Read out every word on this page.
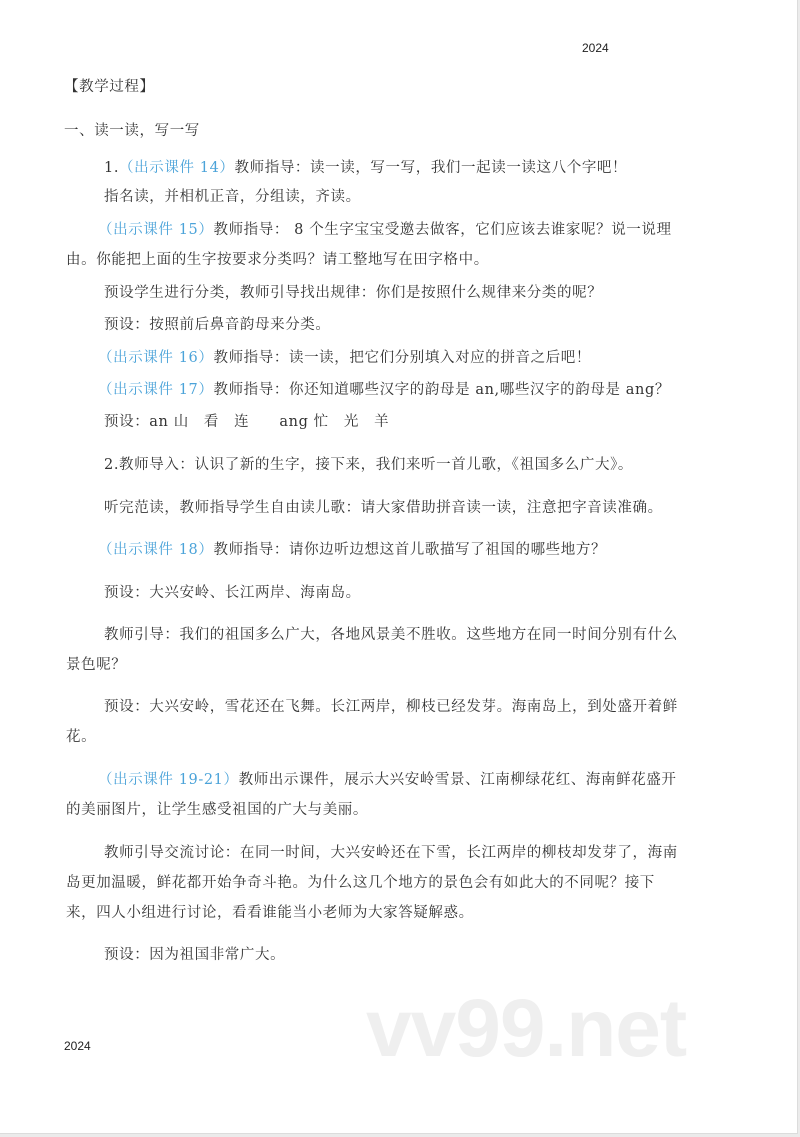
2024
【教学过程】
一、读一读，写一写
1.（出示课件 14）教师指导：读一读，写一写，我们一起读一读这八个字吧！
指名读，并相机正音，分组读，齐读。
（出示课件 15）教师指导： 8 个生字宝宝受邀去做客，它们应该去谁家呢？说一说理
由。你能把上面的生字按要求分类吗？请工整地写在田字格中。
预设学生进行分类，教师引导找出规律：你们是按照什么规律来分类的呢？
预设：按照前后鼻音韵母来分类。
（出示课件 16）教师指导：读一读，把它们分别填入对应的拼音之后吧！
（出示课件 17）教师指导：你还知道哪些汉字的韵母是 an,哪些汉字的韵母是 ang？
预设：an 山　看　连　　ang 忙　光　羊
2.教师导入：认识了新的生字，接下来，我们来听一首儿歌，《祖国多么广大》。
听完范读，教师指导学生自由读儿歌：请大家借助拼音读一读，注意把字音读准确。
（出示课件 18）教师指导：请你边听边想这首儿歌描写了祖国的哪些地方？
预设：大兴安岭、长江两岸、海南岛。
教师引导：我们的祖国多么广大，各地风景美不胜收。这些地方在同一时间分别有什么
景色呢？
预设：大兴安岭，雪花还在飞舞。长江两岸，柳枝已经发芽。海南岛上，到处盛开着鲜
花。
（出示课件 19-21）教师出示课件，展示大兴安岭雪景、江南柳绿花红、海南鲜花盛开
的美丽图片，让学生感受祖国的广大与美丽。
教师引导交流讨论：在同一时间，大兴安岭还在下雪，长江两岸的柳枝却发芽了，海南
岛更加温暖，鲜花都开始争奇斗艳。为什么这几个地方的景色会有如此大的不同呢？接下
来，四人小组进行讨论，看看谁能当小老师为大家答疑解惑。
预设：因为祖国非常广大。
vv99.net
2024
